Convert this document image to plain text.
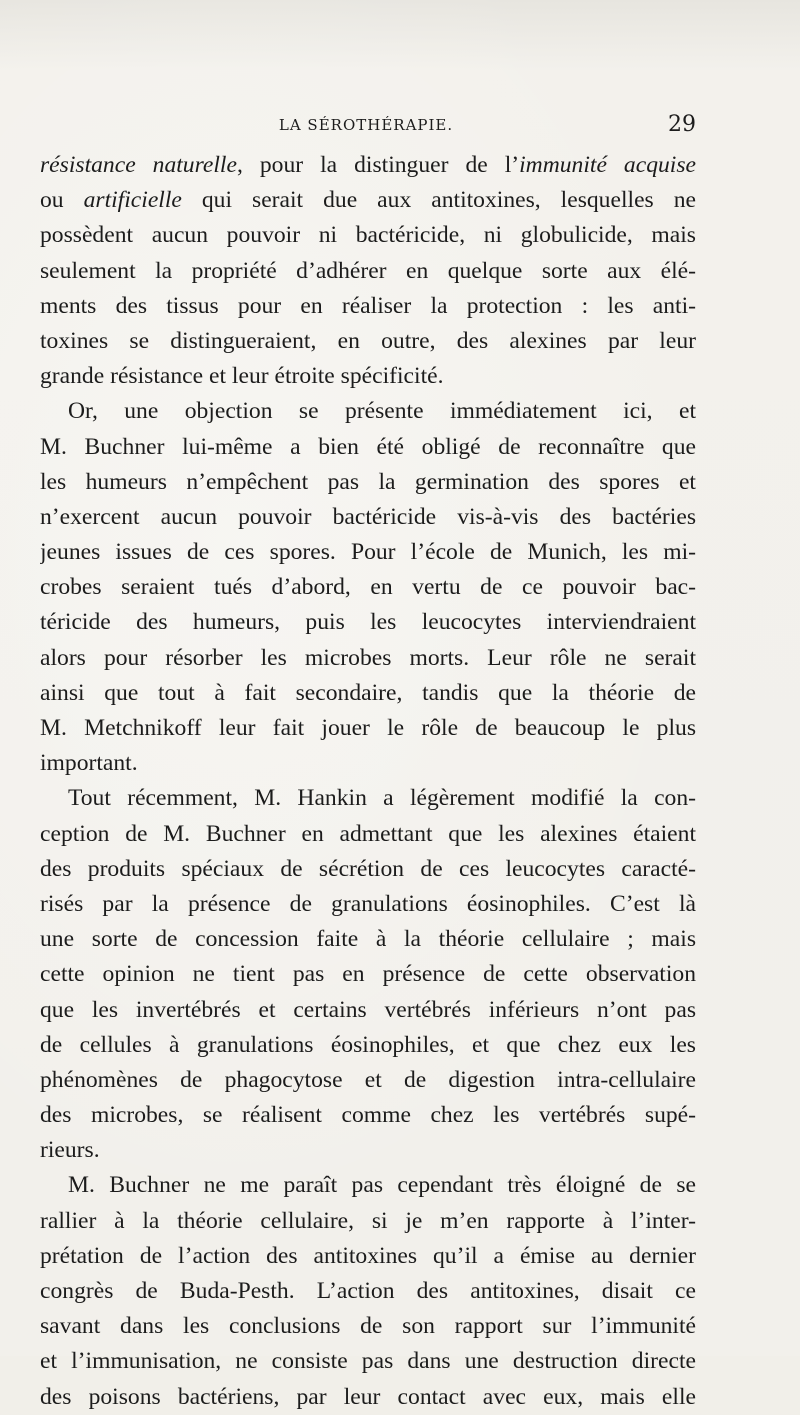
LA SÉROTHÉRAPIE.	29
résistance naturelle, pour la distinguer de l’immunité acquise
ou artificielle qui serait due aux antitoxines, lesquelles ne
possèdent aucun pouvoir ni bactéricide, ni globulicide, mais
seulement la propriété d’adhérer en quelque sorte aux élé-
ments des tissus pour en réaliser la protection : les anti-
toxines se distingueraient, en outre, des alexines par leur
grande résistance et leur étroite spécificité.
Or, une objection se présente immédiatement ici, et
M. Buchner lui-même a bien été obligé de reconnaître que
les humeurs n’empêchent pas la germination des spores et
n’exercent aucun pouvoir bactéricide vis-à-vis des bactéries
jeunes issues de ces spores. Pour l’école de Munich, les mi-
crobes seraient tués d’abord, en vertu de ce pouvoir bac-
téricide des humeurs, puis les leucocytes interviendraient
alors pour résorber les microbes morts. Leur rôle ne serait
ainsi que tout à fait secondaire, tandis que la théorie de
M. Metchnikoff leur fait jouer le rôle de beaucoup le plus
important.
Tout récemment, M. Hankin a légèrement modifié la con-
ception de M. Buchner en admettant que les alexines étaient
des produits spéciaux de sécrétion de ces leucocytes caracté-
risés par la présence de granulations éosinophiles. C’est là
une sorte de concession faite à la théorie cellulaire ; mais
cette opinion ne tient pas en présence de cette observation
que les invertébrés et certains vertébrés inférieurs n’ont pas
de cellules à granulations éosinophiles, et que chez eux les
phénomènes de phagocytose et de digestion intra-cellulaire
des microbes, se réalisent comme chez les vertébrés supé-
rieurs.
M. Buchner ne me paraît pas cependant très éloigné de se
rallier à la théorie cellulaire, si je m’en rapporte à l’inter-
prétation de l’action des antitoxines qu’il a émise au dernier
congrès de Buda-Pesth. L’action des antitoxines, disait ce
savant dans les conclusions de son rapport sur l’immunité
et l’immunisation, ne consiste pas dans une destruction directe
des poisons bactériens, par leur contact avec eux, mais elle
